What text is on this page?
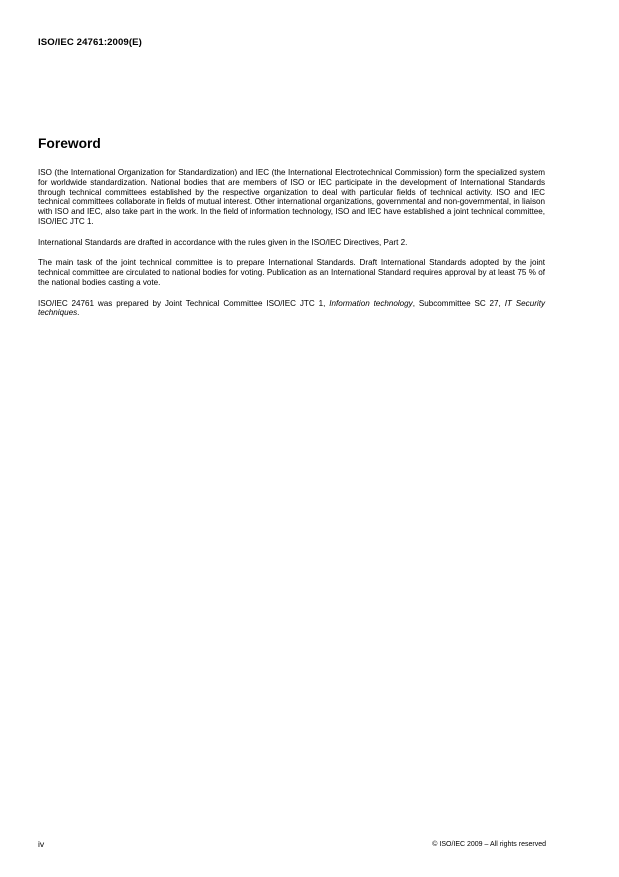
ISO/IEC 24761:2009(E)
Foreword

ISO (the International Organization for Standardization) and IEC (the International Electrotechnical Commission) form the specialized system for worldwide standardization. National bodies that are members of ISO or IEC participate in the development of International Standards through technical committees established by the respective organization to deal with particular fields of technical activity. ISO and IEC technical committees collaborate in fields of mutual interest. Other international organizations, governmental and non-governmental, in liaison with ISO and IEC, also take part in the work. In the field of information technology, ISO and IEC have established a joint technical committee, ISO/IEC JTC 1.

International Standards are drafted in accordance with the rules given in the ISO/IEC Directives, Part 2.

The main task of the joint technical committee is to prepare International Standards. Draft International Standards adopted by the joint technical committee are circulated to national bodies for voting. Publication as an International Standard requires approval by at least 75 % of the national bodies casting a vote.

ISO/IEC 24761 was prepared by Joint Technical Committee ISO/IEC JTC 1, Information technology, Subcommittee SC 27, IT Security techniques.

iv	© ISO/IEC 2009 – All rights reserved
